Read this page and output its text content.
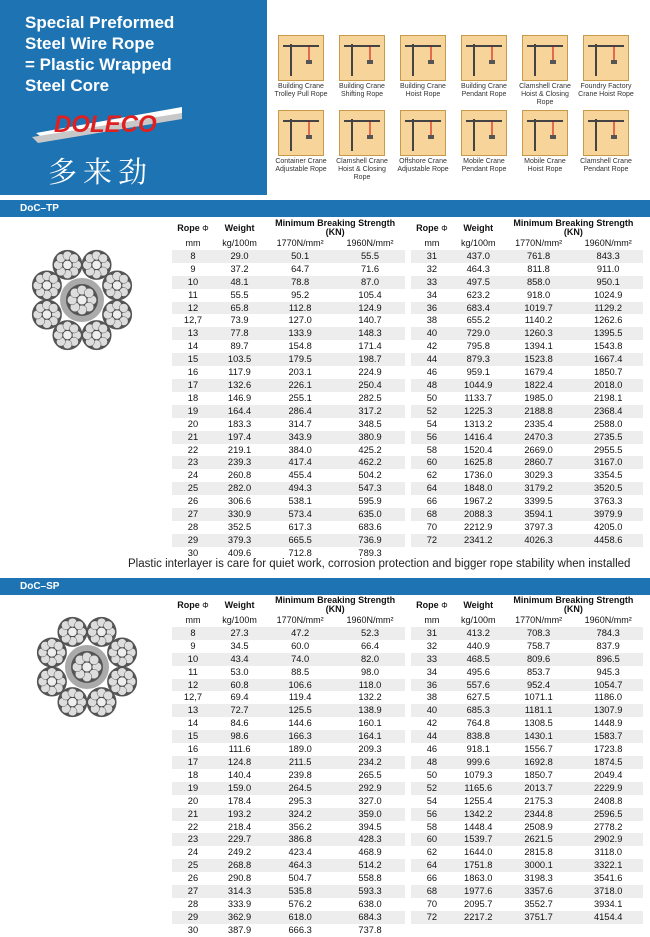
Special Preformed
Steel Wire Rope
= Plastic Wrapped
Steel Core
DOLECO
多来劲
Building Crane
Trolley Pull Rope
Building Crane
Shifting Rope
Building Crane
Hoist Rope
Building Crane
Pendant Rope
Clamshell Crane
Hoist & Closing
Rope
Foundry Factory
Crane Hoist Rope
Container Crane
Adjustable Rope
Clamshell Crane
Hoist & Closing
Rope
Offshore Crane
Adjustable Rope
Mobile Crane
Pendant Rope
Mobile Crane
Hoist Rope
Clamshell Crane
Pendant Rope
DoC–TP
Rope Φ	Weight	Minimum Breaking Strength (KN)	
mm	kg/100m	1770N/mm²	1960N/mm²
8	29.0	50.1	55.5
9	37.2	64.7	71.6
10	48.1	78.8	87.0
11	55.5	95.2	105.4
12	65.8	112.8	124.9
12,7	73.9	127.0	140.7
13	77.8	133.9	148.3
14	89.7	154.8	171.4
15	103.5	179.5	198.7
16	117.9	203.1	224.9
17	132.6	226.1	250.4
18	146.9	255.1	282.5
19	164.4	286.4	317.2
20	183.3	314.7	348.5
21	197.4	343.9	380.9
22	219.1	384.0	425.2
23	239.3	417.4	462.2
24	260.8	455.4	504.2
25	282.0	494.3	547.3
26	306.6	538.1	595.9
27	330.9	573.4	635.0
28	352.5	617.3	683.6
29	379.3	665.5	736.9
30	409.6	712.8	789.3
Rope Φ	Weight	Minimum Breaking Strength (KN)	
mm	kg/100m	1770N/mm²	1960N/mm²
31	437.0	761.8	843.3
32	464.3	811.8	911.0
33	497.5	858.0	950.1
34	623.2	918.0	1024.9
36	683.4	1019.7	1129.2
38	655.2	1140.2	1262.6
40	729.0	1260.3	1395.5
42	795.8	1394.1	1543.8
44	879.3	1523.8	1667.4
46	959.1	1679.4	1850.7
48	1044.9	1822.4	2018.0
50	1133.7	1985.0	2198.1
52	1225.3	2188.8	2368.4
54	1313.2	2335.4	2588.0
56	1416.4	2470.3	2735.5
58	1520.4	2669.0	2955.5
60	1625.8	2860.7	3167.0
62	1736.0	3029.3	3354.5
64	1848.0	3179.2	3520.5
66	1967.2	3399.5	3763.3
68	2088.3	3594.1	3979.9
70	2212.9	3797.3	4205.0
72	2341.2	4026.3	4458.6
Plastic interlayer is care for quiet work, corrosion protection and bigger rope stability when installed
DoC–SP
Rope Φ	Weight	Minimum Breaking Strength (KN)	
mm	kg/100m	1770N/mm²	1960N/mm²
8	27.3	47.2	52.3
9	34.5	60.0	66.4
10	43.4	74.0	82.0
11	53.0	88.5	98.0
12	60.8	106.6	118.0
12,7	69.4	119.4	132.2
13	72.7	125.5	138.9
14	84.6	144.6	160.1
15	98.6	166.3	164.1
16	111.6	189.0	209.3
17	124.8	211.5	234.2
18	140.4	239.8	265.5
19	159.0	264.5	292.9
20	178.4	295.3	327.0
21	193.2	324.2	359.0
22	218.4	356.2	394.5
23	229.7	386.8	428.3
24	249.2	423.4	468.9
25	268.8	464.3	514.2
26	290.8	504.7	558.8
27	314.3	535.8	593.3
28	333.9	576.2	638.0
29	362.9	618.0	684.3
30	387.9	666.3	737.8
Rope Φ	Weight	Minimum Breaking Strength (KN)	
mm	kg/100m	1770N/mm²	1960N/mm²
31	413.2	708.3	784.3
32	440.9	758.7	837.9
33	468.5	809.6	896.5
34	495.6	853.7	945.3
36	557.6	952.4	1054.7
38	627.5	1071.1	1186.0
40	685.3	1181.1	1307.9
42	764.8	1308.5	1448.9
44	838.8	1430.1	1583.7
46	918.1	1556.7	1723.8
48	999.6	1692.8	1874.5
50	1079.3	1850.7	2049.4
52	1165.6	2013.7	2229.9
54	1255.4	2175.3	2408.8
56	1342.2	2344.8	2596.5
58	1448.4	2508.9	2778.2
60	1539.7	2621.5	2902.9
62	1644.0	2815.8	3118.0
64	1751.8	3000.1	3322.1
66	1863.0	3198.3	3541.6
68	1977.6	3357.6	3718.0
70	2095.7	3552.7	3934.1
72	2217.2	3751.7	4154.4
